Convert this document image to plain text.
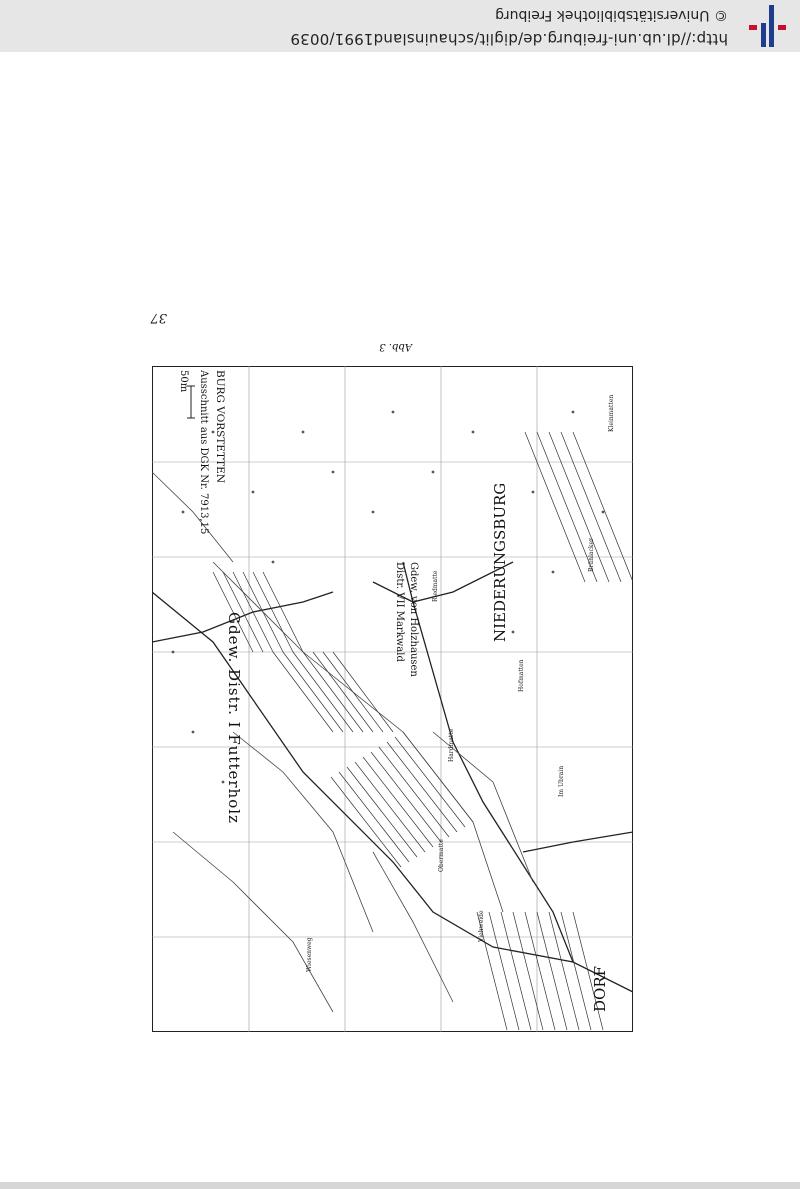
http://dl.ub.uni-freiburg.de/diglit/schauinsland1991/0039
© Universitätsbibliothek Freiburg
37
Abb. 3
BURG VORSTETTEN
Ausschnitt aus DGK Nr. 7913,15
50m
NIEDERUNGSBURG
DORF
Gdew. Distr. I Futterholz	Gdew. von Holzhausen
Distr. VII Markwald
Im Ubrain
Kleinmatten
Hofmatten
Riedmatte
Hardmatte
Obermatte
Viehweide
Brühlacker
Wiesenweg
